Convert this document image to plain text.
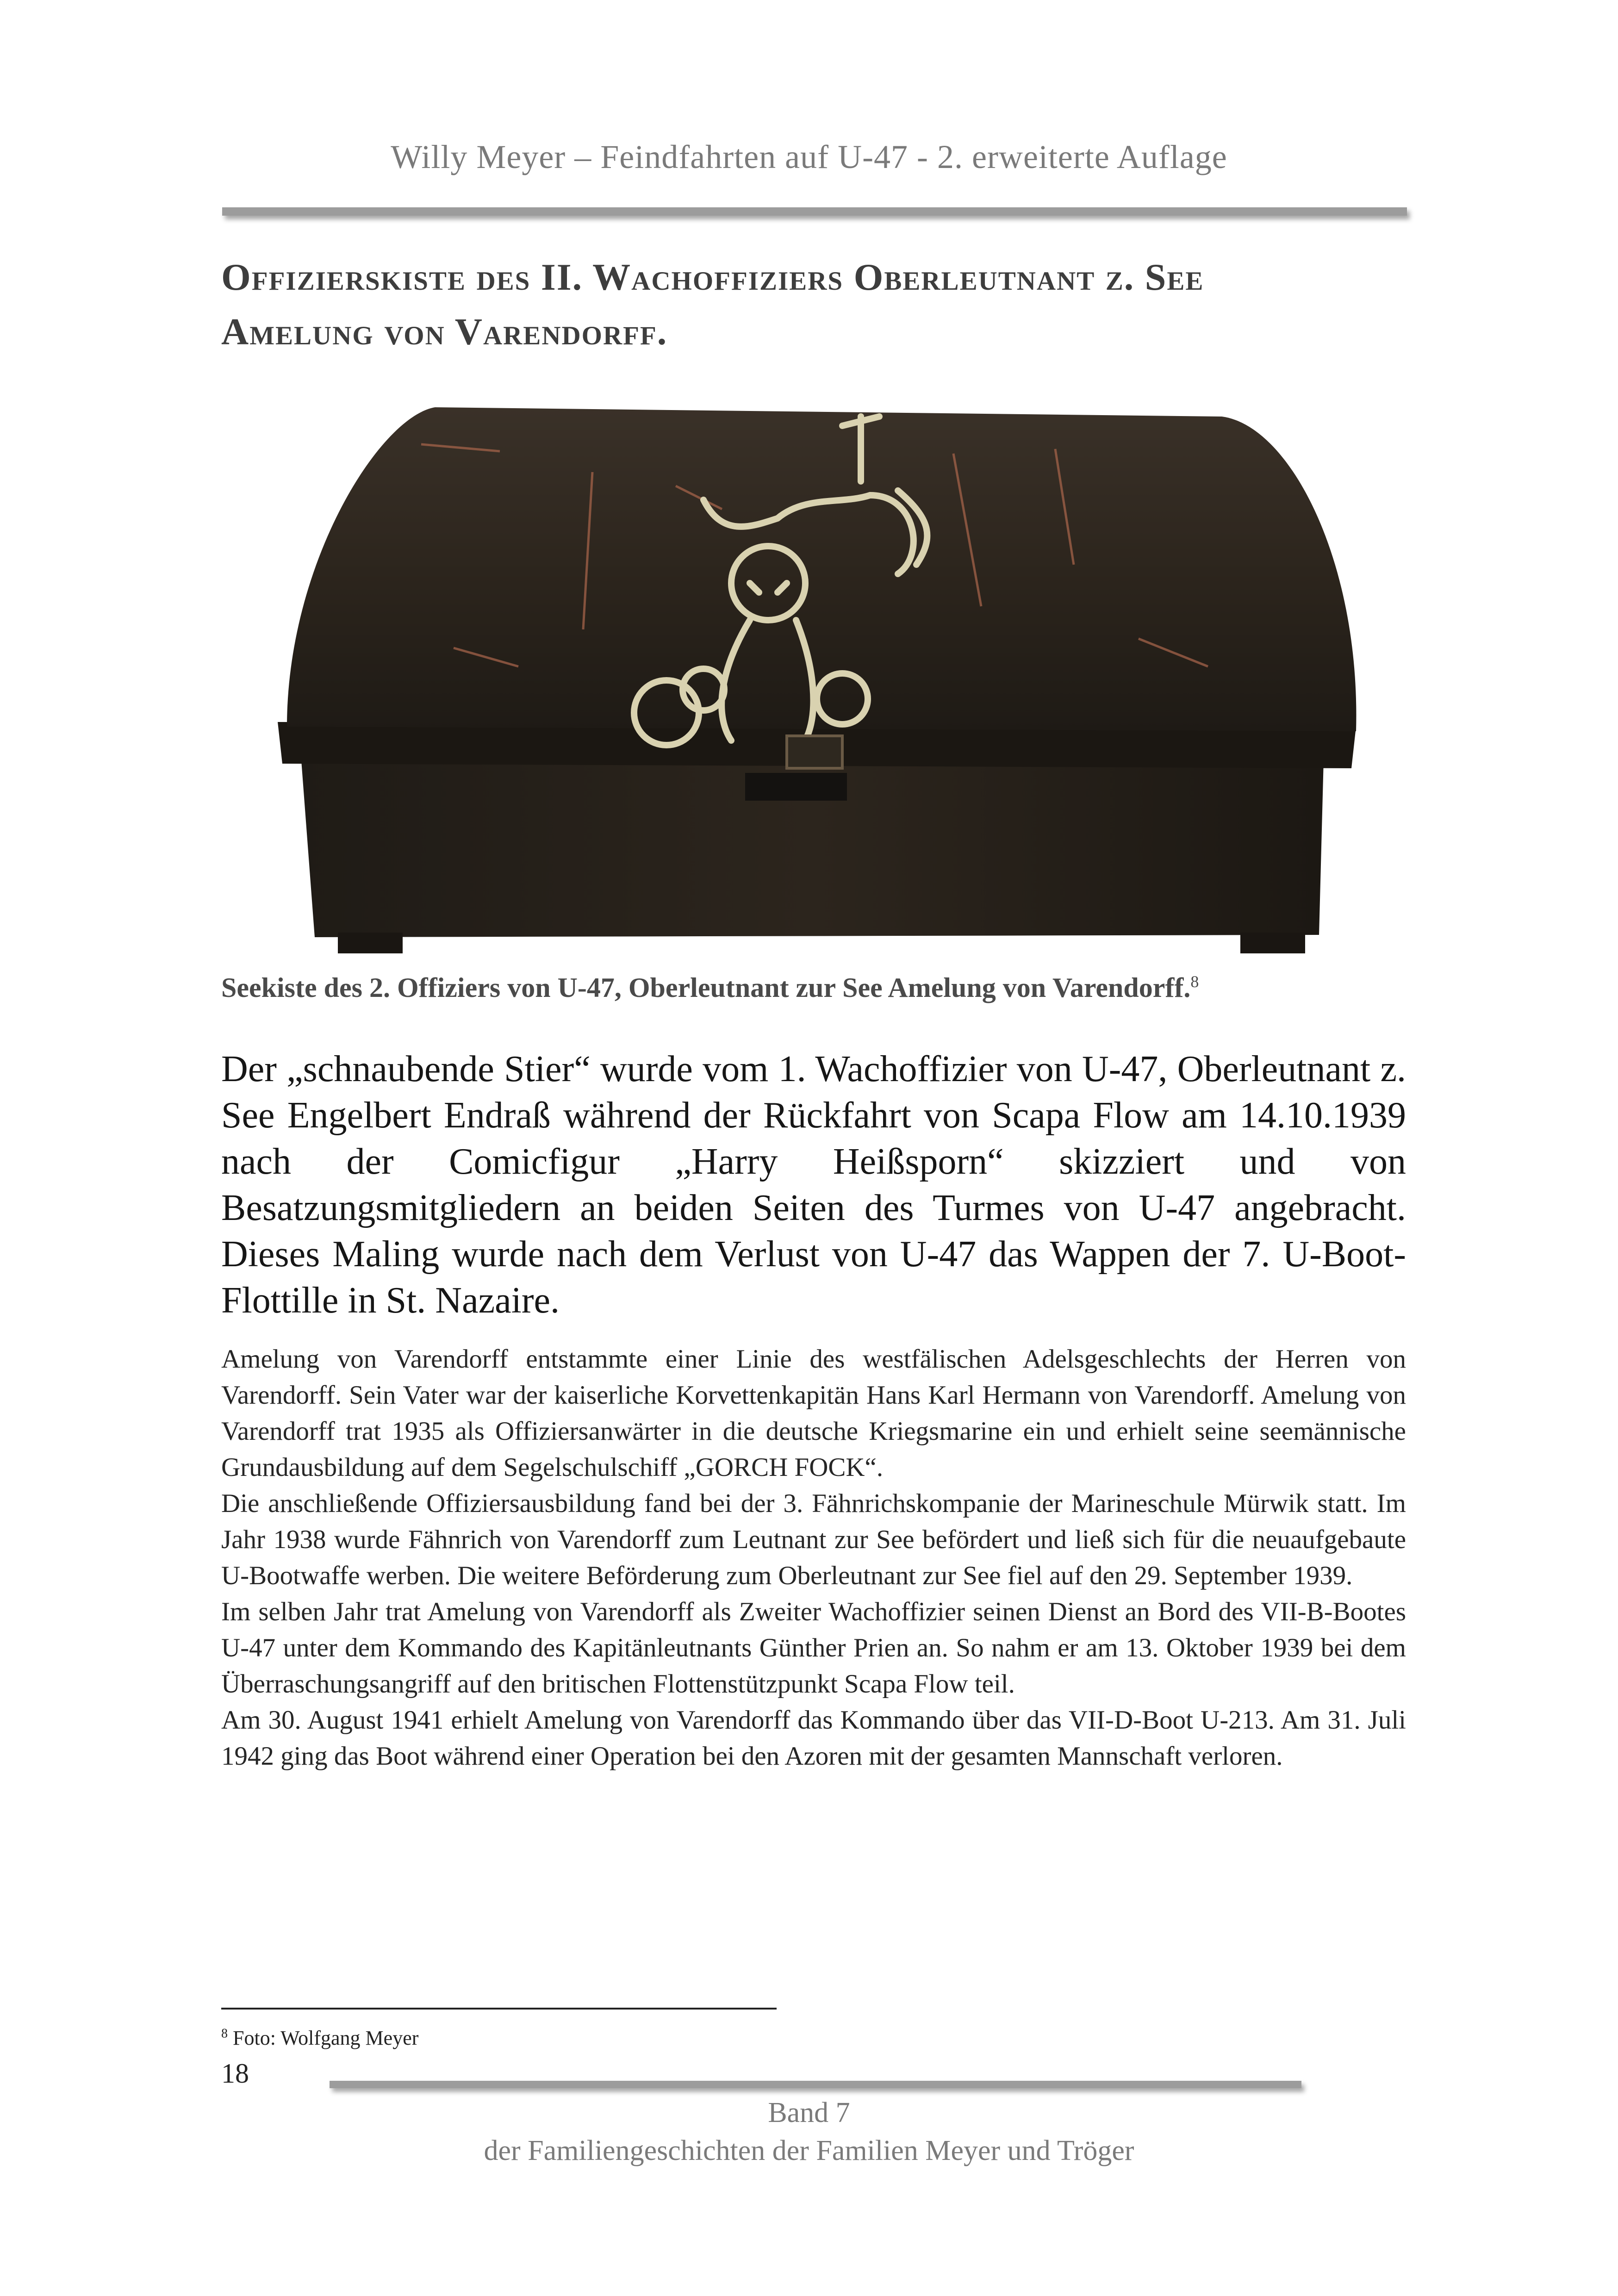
Willy Meyer – Feindfahrten auf U-47 - 2. erweiterte Auflage
Offizierskiste des II. Wachoffiziers Oberleutnant z. See
Amelung von Varendorff.
Seekiste des 2. Offiziers von U-47, Oberleutnant zur See Amelung von Varendorff.$^8$
Der „schnaubende Stier“ wurde vom 1. Wachoffizier von U-47, Oberleutnant z. See Engelbert Endraß während der Rückfahrt von Scapa Flow am 14.10.1939 nach der Comicfigur „Harry Heißsporn“ skizziert und von Besatzungsmitgliedern an beiden Seiten des Turmes von U-47 angebracht. Dieses Maling wurde nach dem Verlust von U-47 das Wappen der 7. U-Boot-Flottille in St. Nazaire.

Amelung von Varendorff entstammte einer Linie des westfälischen Adelsgeschlechts der Herren von Varendorff. Sein Vater war der kaiserliche Korvettenkapitän Hans Karl Hermann von Varendorff. Amelung von Varendorff trat 1935 als Offiziersanwärter in die deutsche Kriegsmarine ein und erhielt seine seemännische Grundausbildung auf dem Segelschulschiff „GORCH FOCK“.

Die anschließende Offiziersausbildung fand bei der 3. Fähnrichskompanie der Marineschule Mürwik statt. Im Jahr 1938 wurde Fähnrich von Varendorff zum Leutnant zur See befördert und ließ sich für die neuaufgebaute U-Bootwaffe werben. Die weitere Beförderung zum Oberleutnant zur See fiel auf den 29. September 1939.

Im selben Jahr trat Amelung von Varendorff als Zweiter Wachoffizier seinen Dienst an Bord des VII-B-Bootes U-47 unter dem Kommando des Kapitänleutnants Günther Prien an. So nahm er am 13. Oktober 1939 bei dem Überraschungsangriff auf den britischen Flottenstützpunkt Scapa Flow teil.

Am 30. August 1941 erhielt Amelung von Varendorff das Kommando über das VII-D-Boot U-213. Am 31. Juli 1942 ging das Boot während einer Operation bei den Azoren mit der gesamten Mannschaft verloren.

$^8$ Foto: Wolfgang Meyer
18
Band 7
der Familiengeschichten der Familien Meyer und Tröger
